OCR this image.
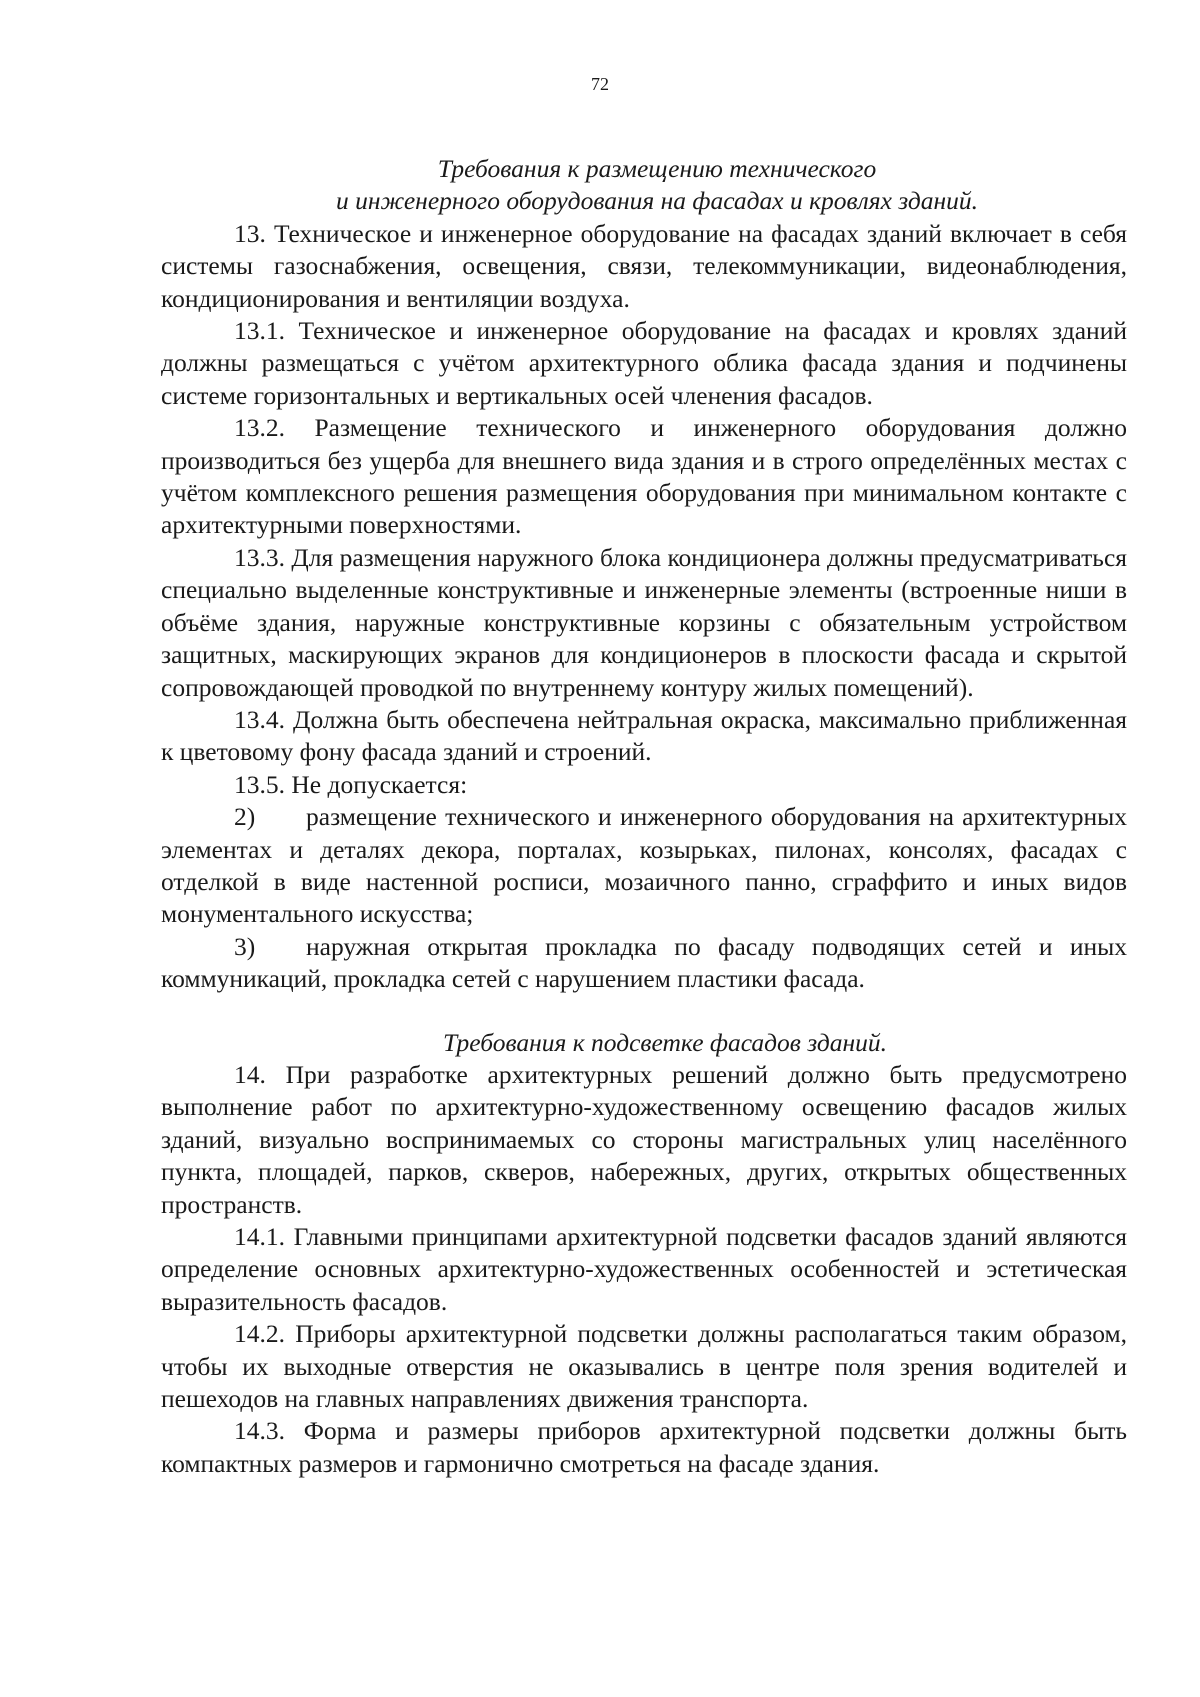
72
Требования к размещению технического
и инженерного оборудования на фасадах и кровлях зданий.

13. Техническое и инженерное оборудование на фасадах зданий включает в себя системы газоснабжения, освещения, связи, телекоммуникации, видеонаблюдения, кондиционирования и вентиляции воздуха.

13.1. Техническое и инженерное оборудование на фасадах и кровлях зданий должны размещаться с учётом архитектурного облика фасада здания и подчинены системе горизонтальных и вертикальных осей членения фасадов.

13.2. Размещение технического и инженерного оборудования должно производиться без ущерба для внешнего вида здания и в строго определённых местах с учётом комплексного решения размещения оборудования при минимальном контакте с архитектурными поверхностями.

13.3. Для размещения наружного блока кондиционера должны предусматриваться специально выделенные конструктивные и инженерные элементы (встроенные ниши в объёме здания, наружные конструктивные корзины с обязательным устройством защитных, маскирующих экранов для кондиционеров в плоскости фасада и скрытой сопровождающей проводкой по внутреннему контуру жилых помещений).

13.4. Должна быть обеспечена нейтральная окраска, максимально приближенная к цветовому фону фасада зданий и строений.

13.5. Не допускается:

2) размещение технического и инженерного оборудования на архитектурных элементах и деталях декора, порталах, козырьках, пилонах, консолях, фасадах с отделкой в виде настенной росписи, мозаичного панно, сграффито и иных видов монументального искусства;

3) наружная открытая прокладка по фасаду подводящих сетей и иных коммуникаций, прокладка сетей с нарушением пластики фасада.

Требования к подсветке фасадов зданий.

14. При разработке архитектурных решений должно быть предусмотрено выполнение работ по архитектурно-художественному освещению фасадов жилых зданий, визуально воспринимаемых со стороны магистральных улиц населённого пункта, площадей, парков, скверов, набережных, других, открытых общественных пространств.

14.1. Главными принципами архитектурной подсветки фасадов зданий являются определение основных архитектурно-художественных особенностей и эстетическая выразительность фасадов.

14.2. Приборы архитектурной подсветки должны располагаться таким образом, чтобы их выходные отверстия не оказывались в центре поля зрения водителей и пешеходов на главных направлениях движения транспорта.

14.3. Форма и размеры приборов архитектурной подсветки должны быть компактных размеров и гармонично смотреться на фасаде здания.
